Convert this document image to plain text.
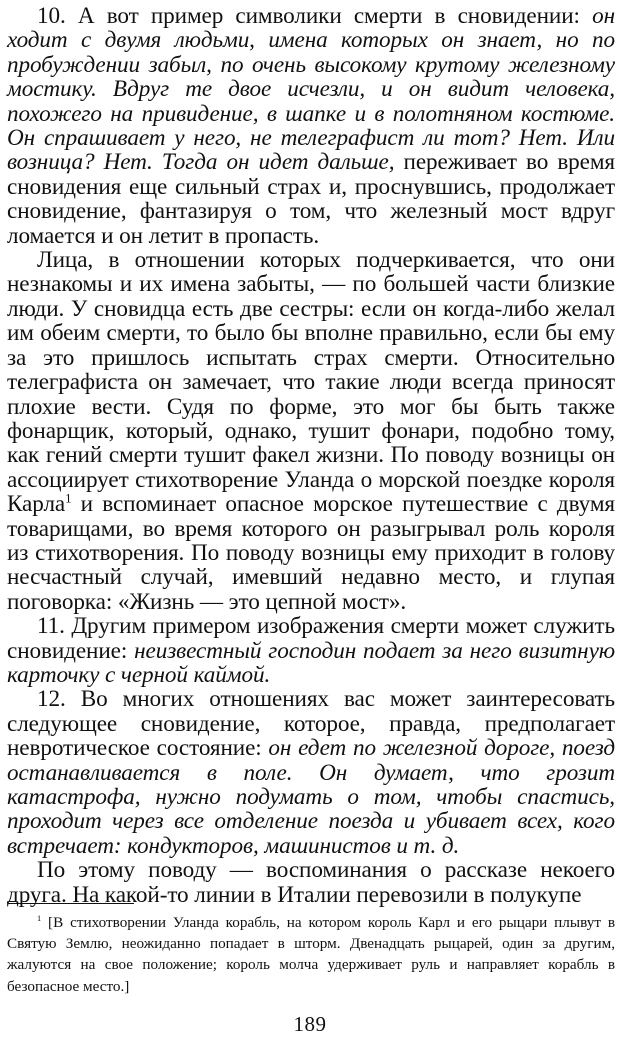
10. А вот пример символики смерти в сновидении: он ходит с двумя людьми, имена которых он знает, но по пробуждении забыл, по очень высокому крутому железному мостику. Вдруг те двое исчезли, и он видит человека, похожего на привидение, в шапке и в полотняном костюме. Он спрашивает у него, не телеграфист ли тот? Нет. Или возница? Нет. Тогда он идет дальше, переживает во время сновидения еще сильный страх и, проснувшись, продолжает сновидение, фантазируя о том, что железный мост вдруг ломается и он летит в пропасть.

Лица, в отношении которых подчеркивается, что они незнакомы и их имена забыты, — по большей части близкие люди. У сновидца есть две сестры: если он когда-либо желал им обеим смерти, то было бы вполне правильно, если бы ему за это пришлось испытать страх смерти. Относительно телеграфиста он замечает, что такие люди всегда приносят плохие вести. Судя по форме, это мог бы быть также фонарщик, который, однако, тушит фонари, подобно тому, как гений смерти тушит факел жизни. По поводу возницы он ассоциирует стихотворение Уланда о морской поездке короля Карла$^1$ и вспоминает опасное морское путешествие с двумя товарищами, во время которого он разыгрывал роль короля из стихотворения. По поводу возницы ему приходит в голову несчастный случай, имевший недавно место, и глупая поговорка: «Жизнь — это цепной мост».

11. Другим примером изображения смерти может служить сновидение: неизвестный господин подает за него визитную карточку с черной каймой.

12. Во многих отношениях вас может заинтересовать следующее сновидение, которое, правда, предполагает невротическое состояние: он едет по железной дороге, поезд останавливается в поле. Он думает, что грозит катастрофа, нужно подумать о том, чтобы спастись, проходит через все отделение поезда и убивает всех, кого встречает: кондукторов, машинистов и т. д.

По этому поводу — воспоминания о рассказе некоего друга. На какой-то линии в Италии перевозили в полукупе

$^1$ [В стихотворении Уланда корабль, на котором король Карл и его рыцари плывут в Святую Землю, неожиданно попадает в шторм. Двенадцать рыцарей, один за другим, жалуются на свое положение; король молча удерживает руль и направляет корабль в безопасное место.]

189
